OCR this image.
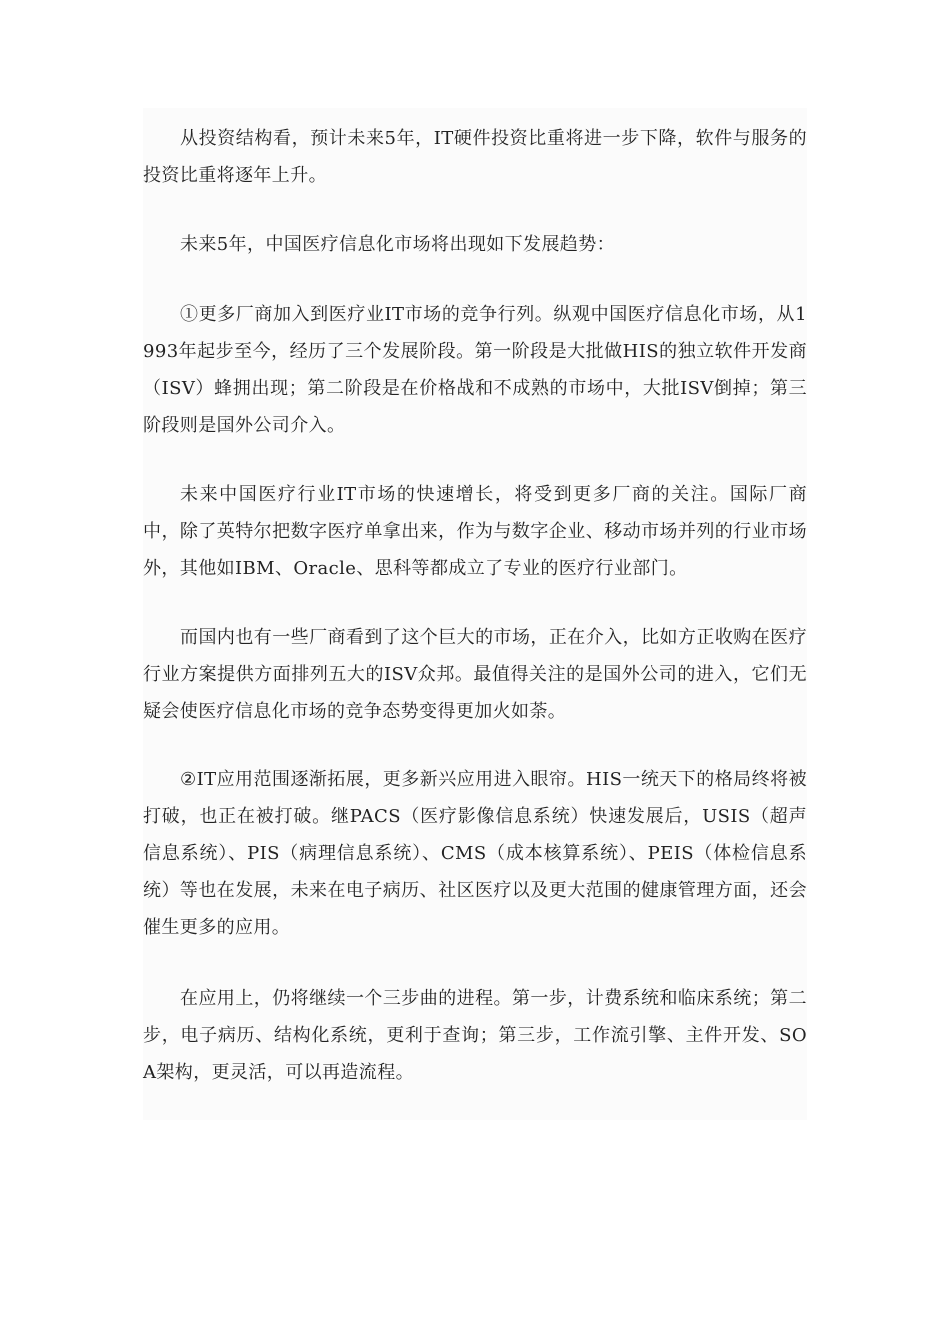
从投资结构看，预计未来5年，IT硬件投资比重将进一步下降，软件与服务的投资比重将逐年上升。

未来5年，中国医疗信息化市场将出现如下发展趋势：

①更多厂商加入到医疗业IT市场的竞争行列。纵观中国医疗信息化市场，从1993年起步至今，经历了三个发展阶段。第一阶段是大批做HIS的独立软件开发商（ISV）蜂拥出现；第二阶段是在价格战和不成熟的市场中，大批ISV倒掉；第三阶段则是国外公司介入。

未来中国医疗行业IT市场的快速增长，将受到更多厂商的关注。国际厂商中，除了英特尔把数字医疗单拿出来，作为与数字企业、移动市场并列的行业市场外，其他如IBM、Oracle、思科等都成立了专业的医疗行业部门。

而国内也有一些厂商看到了这个巨大的市场，正在介入，比如方正收购在医疗行业方案提供方面排列五大的ISV众邦。最值得关注的是国外公司的进入，它们无疑会使医疗信息化市场的竞争态势变得更加火如荼。

②IT应用范围逐渐拓展，更多新兴应用进入眼帘。HIS一统天下的格局终将被打破，也正在被打破。继PACS（医疗影像信息系统）快速发展后，USIS（超声信息系统）、PIS（病理信息系统）、CMS（成本核算系统）、PEIS（体检信息系统）等也在发展，未来在电子病历、社区医疗以及更大范围的健康管理方面，还会催生更多的应用。

在应用上，仍将继续一个三步曲的进程。第一步，计费系统和临床系统；第二步，电子病历、结构化系统，更利于查询；第三步，工作流引擎、主件开发、SOA架构，更灵活，可以再造流程。
